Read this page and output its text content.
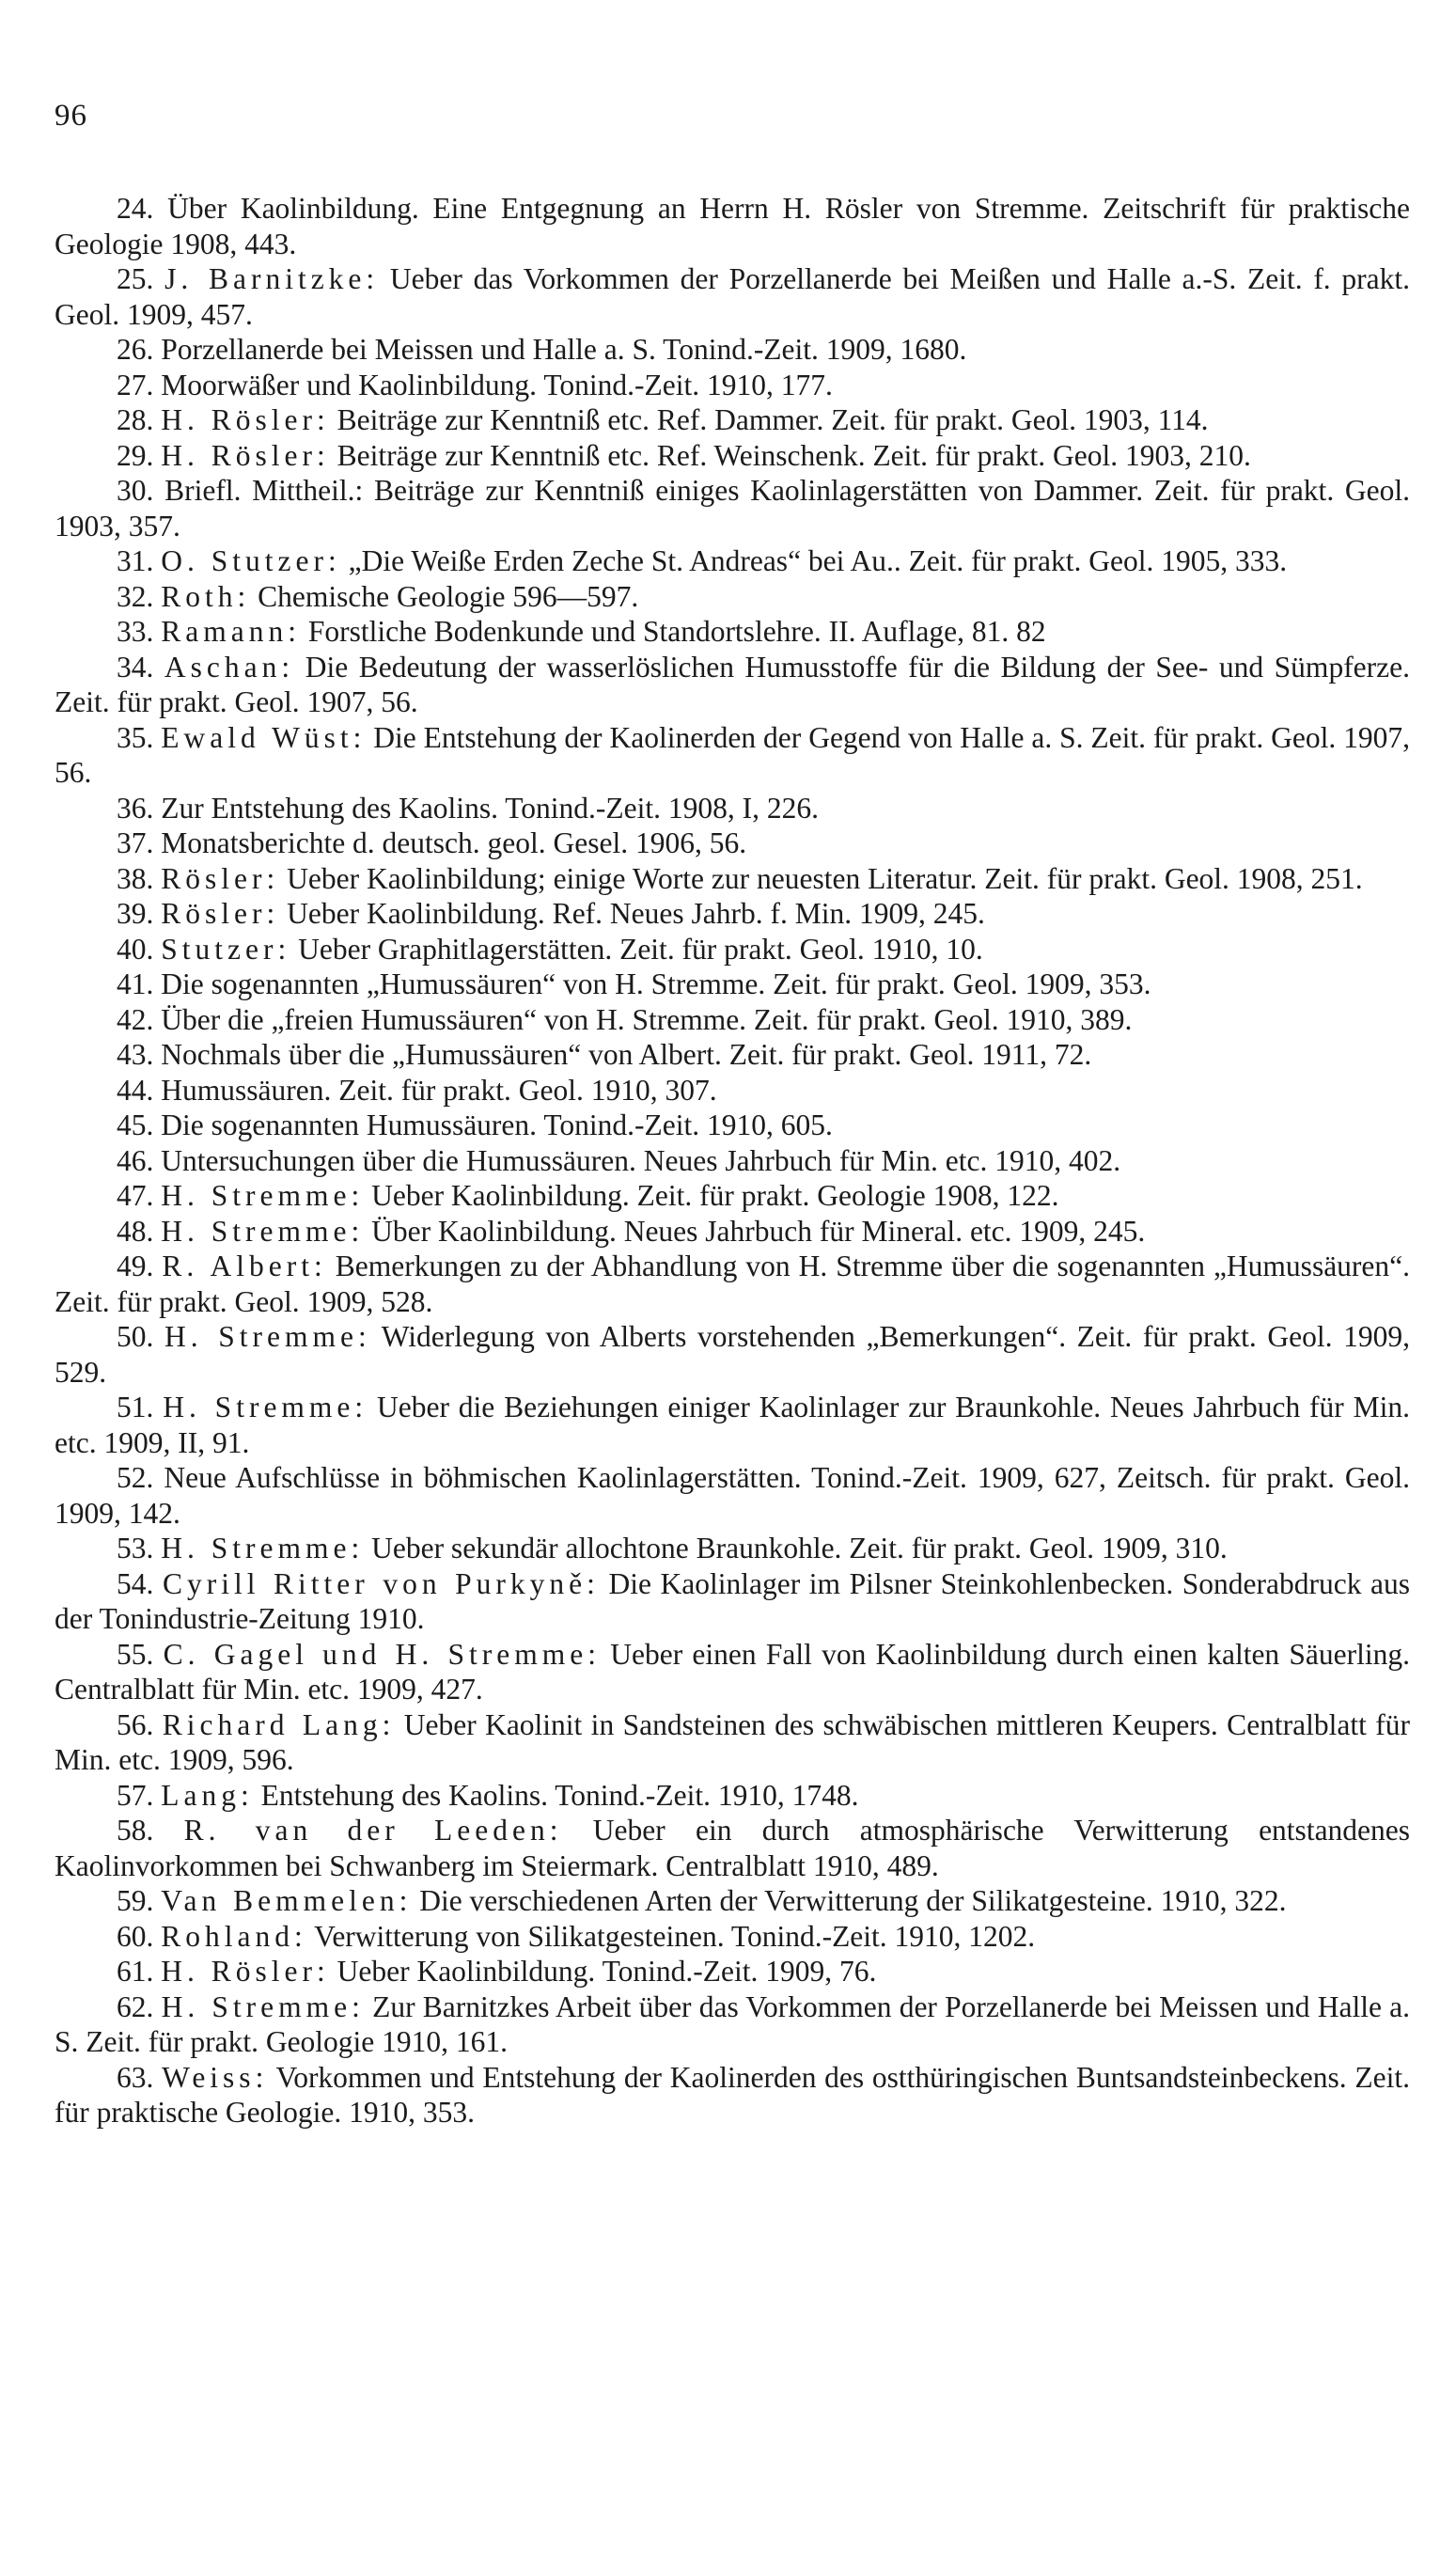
96
24. Über Kaolinbildung. Eine Entgegnung an Herrn H. Rösler von Stremme. Zeitschrift für praktische Geologie 1908, 443.
25. J. Barnitzke: Ueber das Vorkommen der Porzellanerde bei Meißen und Halle a.-S. Zeit. f. prakt. Geol. 1909, 457.
26. Porzellanerde bei Meissen und Halle a. S. Tonind.-Zeit. 1909, 1680.
27. Moorwäßer und Kaolinbildung. Tonind.-Zeit. 1910, 177.
28. H. Rösler: Beiträge zur Kenntniß etc. Ref. Dammer. Zeit. für prakt. Geol. 1903, 114.
29. H. Rösler: Beiträge zur Kenntniß etc. Ref. Weinschenk. Zeit. für prakt. Geol. 1903, 210.
30. Briefl. Mittheil.: Beiträge zur Kenntniß einiges Kaolinlagerstätten von Dammer. Zeit. für prakt. Geol. 1903, 357.
31. O. Stutzer: „Die Weiße Erden Zeche St. Andreas“ bei Au.. Zeit. für prakt. Geol. 1905, 333.
32. Roth: Chemische Geologie 596—597.
33. Ramann: Forstliche Bodenkunde und Standortslehre. II. Auflage, 81. 82
34. Aschan: Die Bedeutung der wasserlöslichen Humusstoffe für die Bildung der See- und Sümpferze. Zeit. für prakt. Geol. 1907, 56.
35. Ewald Wüst: Die Entstehung der Kaolinerden der Gegend von Halle a. S. Zeit. für prakt. Geol. 1907, 56.
36. Zur Entstehung des Kaolins. Tonind.-Zeit. 1908, I, 226.
37. Monatsberichte d. deutsch. geol. Gesel. 1906, 56.
38. Rösler: Ueber Kaolinbildung; einige Worte zur neuesten Literatur. Zeit. für prakt. Geol. 1908, 251.
39. Rösler: Ueber Kaolinbildung. Ref. Neues Jahrb. f. Min. 1909, 245.
40. Stutzer: Ueber Graphitlagerstätten. Zeit. für prakt. Geol. 1910, 10.
41. Die sogenannten „Humussäuren“ von H. Stremme. Zeit. für prakt. Geol. 1909, 353.
42. Über die „freien Humussäuren“ von H. Stremme. Zeit. für prakt. Geol. 1910, 389.
43. Nochmals über die „Humussäuren“ von Albert. Zeit. für prakt. Geol. 1911, 72.
44. Humussäuren. Zeit. für prakt. Geol. 1910, 307.
45. Die sogenannten Humussäuren. Tonind.-Zeit. 1910, 605.
46. Untersuchungen über die Humussäuren. Neues Jahrbuch für Min. etc. 1910, 402.
47. H. Stremme: Ueber Kaolinbildung. Zeit. für prakt. Geologie 1908, 122.
48. H. Stremme: Über Kaolinbildung. Neues Jahrbuch für Mineral. etc. 1909, 245.
49. R. Albert: Bemerkungen zu der Abhandlung von H. Stremme über die sogenannten „Humussäuren“. Zeit. für prakt. Geol. 1909, 528.
50. H. Stremme: Widerlegung von Alberts vorstehenden „Bemerkungen“. Zeit. für prakt. Geol. 1909, 529.
51. H. Stremme: Ueber die Beziehungen einiger Kaolinlager zur Braunkohle. Neues Jahrbuch für Min. etc. 1909, II, 91.
52. Neue Aufschlüsse in böhmischen Kaolinlagerstätten. Tonind.-Zeit. 1909, 627, Zeitsch. für prakt. Geol. 1909, 142.
53. H. Stremme: Ueber sekundär allochtone Braunkohle. Zeit. für prakt. Geol. 1909, 310.
54. Cyrill Ritter von Purkyně: Die Kaolinlager im Pilsner Steinkohlenbecken. Sonderabdruck aus der Tonindustrie-Zeitung 1910.
55. C. Gagel und H. Stremme: Ueber einen Fall von Kaolinbildung durch einen kalten Säuerling. Centralblatt für Min. etc. 1909, 427.
56. Richard Lang: Ueber Kaolinit in Sandsteinen des schwäbischen mittleren Keupers. Centralblatt für Min. etc. 1909, 596.
57. Lang: Entstehung des Kaolins. Tonind.-Zeit. 1910, 1748.
58. R. van der Leeden: Ueber ein durch atmosphärische Verwitterung entstandenes Kaolinvorkommen bei Schwanberg im Steiermark. Centralblatt 1910, 489.
59. Van Bemmelen: Die verschiedenen Arten der Verwitterung der Silikatgesteine. 1910, 322.
60. Rohland: Verwitterung von Silikatgesteinen. Tonind.-Zeit. 1910, 1202.
61. H. Rösler: Ueber Kaolinbildung. Tonind.-Zeit. 1909, 76.
62. H. Stremme: Zur Barnitzkes Arbeit über das Vorkommen der Porzellanerde bei Meissen und Halle a. S. Zeit. für prakt. Geologie 1910, 161.
63. Weiss: Vorkommen und Entstehung der Kaolinerden des ostthüringischen Buntsandsteinbeckens. Zeit. für praktische Geologie. 1910, 353.
